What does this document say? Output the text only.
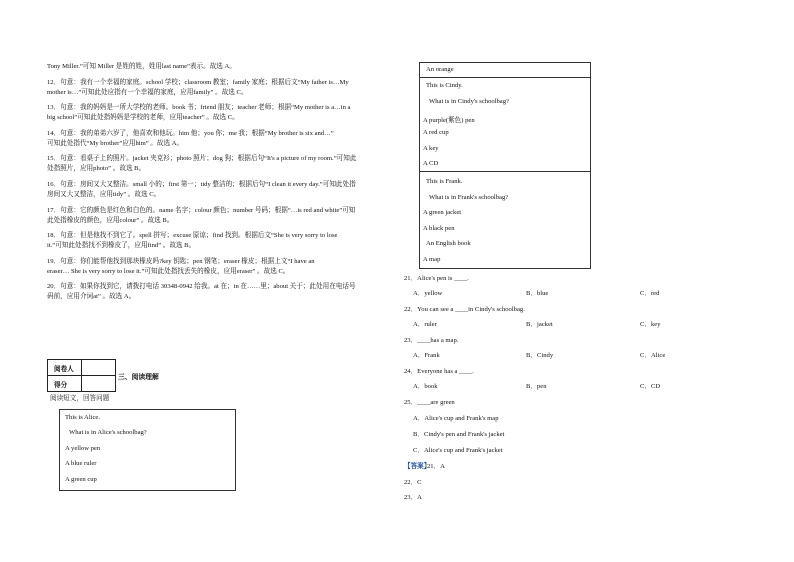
Tony Miller.”可知 Miller 是姓的姓，姓用last name”表示。故选 A。
12．句意：我有一个幸福的家庭。school 学校；classroom 教室；family 家庭；根据后文“My father is…My
mother is…”可知此处应指有一个幸福的家庭，应用family” 。故选 C。
13．句意：我的妈妈是一所大学校的老师。book 书；friend 朋友；teacher 老师；根据“My mother is a…in a
big school”可知此处指妈妈是学校的老师，应用teacher” 。故选 C。
14．句意：我的弟弟六岁了，他喜欢和他玩。him 他；you 你；me 我；根据“My brother is six and…”
可知此处指代“My brother”应用him” 。故选 A。
15．句意：看桌子上的照片。jacket 夹克衫；photo 照片；dog 狗；根据后句“It's a picture of my room.”可知此
处指照片，应用photo” 。故选 B。
16．句意：房间又大又整洁。small 小的；first 第一；tidy 整洁的；根据后句“I clean it every day.”可知此处指
房间又大又整洁，应用tidy” 。故选 C。
17．句意：它的颜色是红色和白色的。name 名字；colour 颜色；number 号码；根据“…is red and white”可知
此处指橡皮的颜色，应用colour” 。故选 B。
18．句意：但是他找不到它了。spell 拼写；excuse 原谅；find 找到。根据后文“She is very sorry to lose
it.”可知此处指找不到橡皮了，应用find” 。故选 B。
19．句意：你们能帮他找到那块橡皮吗?key 钥匙；pen 钢笔；eraser 橡皮；根据上文“I have an
eraser… She is very sorry to lose it.”可知此处指找丢失的橡皮，应用eraser” 。故选 C。
20．句意：如果你找到它，请拨打电话 30348-0942 给我。at 在；in 在……里；about 关于；此处用在电话号
码前，应用介词at” 。故选 A。
阅卷人	
得分	
三、阅读理解
阅读短文，回答问题
This is Alice.
What is in Alice's schoolbag?
A yellow pen
A blue ruler
A green cup
An orange
This is Cindy.
What is in Cindy's schoolbag?
A purple(紫色) pen
A red cup
A key
A CD
This is Frank.
What is in Frank's schoolbag?
A green jacket
A black pen
An English book
A map
21．Alice's pen is ____.
A．yellow	B．blue	C．red
22．You can see a ____in Cindy's schoolbag.
A．ruler	B．jacket	C．key
23．____has a map.
A．Frank	B．Cindy	C．Alice
24．Everyone has a ____.
A．book	B．pen	C．CD
25．____are green
A．Alice's cup and Frank's map
B．Cindy's pen and Frank's jacket
C．Alice's cup and Frank's jacket
【答案】
21．A
22．C
23．A
